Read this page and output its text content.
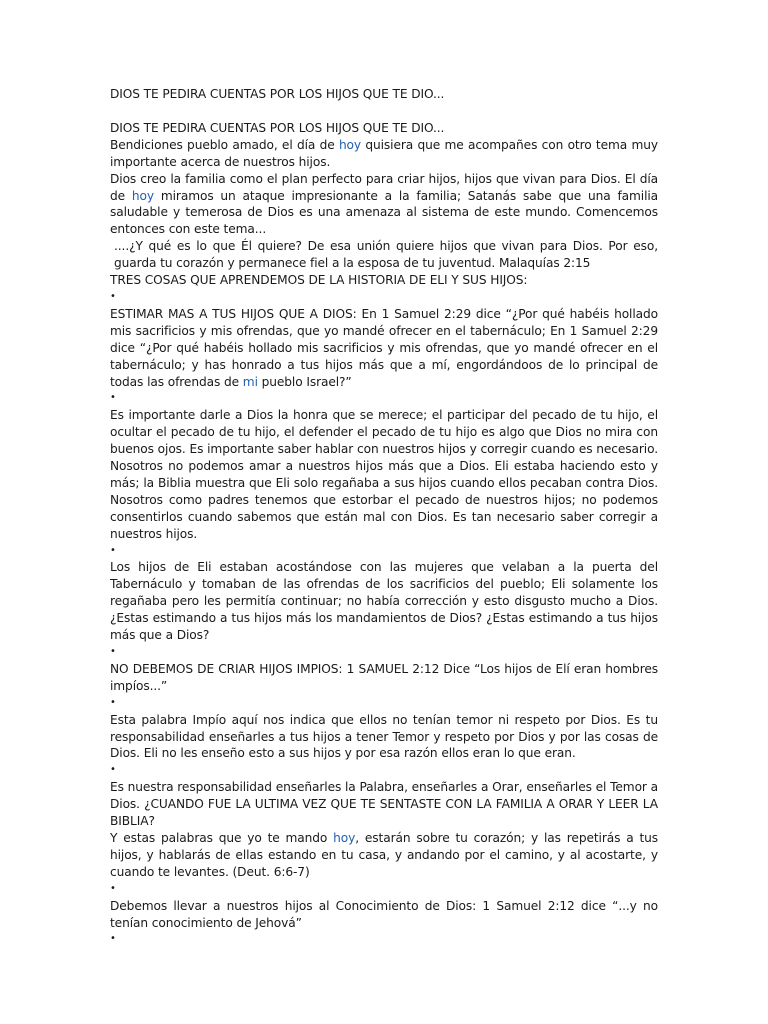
DIOS TE PEDIRA CUENTAS POR LOS HIJOS QUE TE DIO...

DIOS TE PEDIRA CUENTAS POR LOS HIJOS QUE TE DIO...

Bendiciones pueblo amado, el día de hoy quisiera que me acompañes con otro tema muy importante acerca de nuestros hijos.

Dios creo la familia como el plan perfecto para criar hijos, hijos que vivan para Dios. El día de hoy miramos un ataque impresionante a la familia; Satanás sabe que una familia saludable y temerosa de Dios es una amenaza al sistema de este mundo. Comencemos entonces con este tema...

....¿Y qué es lo que Él quiere? De esa unión quiere hijos que vivan para Dios. Por eso, guarda tu corazón y permanece fiel a la esposa de tu juventud. Malaquías 2:15

TRES COSAS QUE APRENDEMOS DE LA HISTORIA DE ELI Y SUS HIJOS:

•

ESTIMAR MAS A TUS HIJOS QUE A DIOS: En 1 Samuel 2:29 dice “¿Por qué habéis hollado mis sacrificios y mis ofrendas, que yo mandé ofrecer en el tabernáculo; En 1 Samuel 2:29 dice “¿Por qué habéis hollado mis sacrificios y mis ofrendas, que yo mandé ofrecer en el tabernáculo; y has honrado a tus hijos más que a mí, engordándoos de lo principal de todas las ofrendas de mi pueblo Israel?”

•

Es importante darle a Dios la honra que se merece; el participar del pecado de tu hijo, el ocultar el pecado de tu hijo, el defender el pecado de tu hijo es algo que Dios no mira con buenos ojos. Es importante saber hablar con nuestros hijos y corregir cuando es necesario. Nosotros no podemos amar a nuestros hijos más que a Dios. Eli estaba haciendo esto y más; la Biblia muestra que Eli solo regañaba a sus hijos cuando ellos pecaban contra Dios. Nosotros como padres tenemos que estorbar el pecado de nuestros hijos; no podemos consentirlos cuando sabemos que están mal con Dios. Es tan necesario saber corregir a nuestros hijos.

•

Los hijos de Eli estaban acostándose con las mujeres que velaban a la puerta del Tabernáculo y tomaban de las ofrendas de los sacrificios del pueblo; Eli solamente los regañaba pero les permitía continuar; no había corrección y esto disgusto mucho a Dios. ¿Estas estimando a tus hijos más los mandamientos de Dios? ¿Estas estimando a tus hijos más que a Dios?

•

NO DEBEMOS DE CRIAR HIJOS IMPIOS: 1 SAMUEL 2:12 Dice “Los hijos de Elí eran hombres impíos...”

•

Esta palabra Impío aquí nos indica que ellos no tenían temor ni respeto por Dios. Es tu responsabilidad enseñarles a tus hijos a tener Temor y respeto por Dios y por las cosas de Dios. Eli no les enseño esto a sus hijos y por esa razón ellos eran lo que eran.

•

Es nuestra responsabilidad enseñarles la Palabra, enseñarles a Orar, enseñarles el Temor a Dios. ¿CUANDO FUE LA ULTIMA VEZ QUE TE SENTASTE CON LA FAMILIA A ORAR Y LEER LA BIBLIA?

Y estas palabras que yo te mando hoy, estarán sobre tu corazón; y las repetirás a tus hijos, y hablarás de ellas estando en tu casa, y andando por el camino, y al acostarte, y cuando te levantes. (Deut. 6:6-7)

•

Debemos llevar a nuestros hijos al Conocimiento de Dios: 1 Samuel 2:12 dice “...y no tenían conocimiento de Jehová”

•
